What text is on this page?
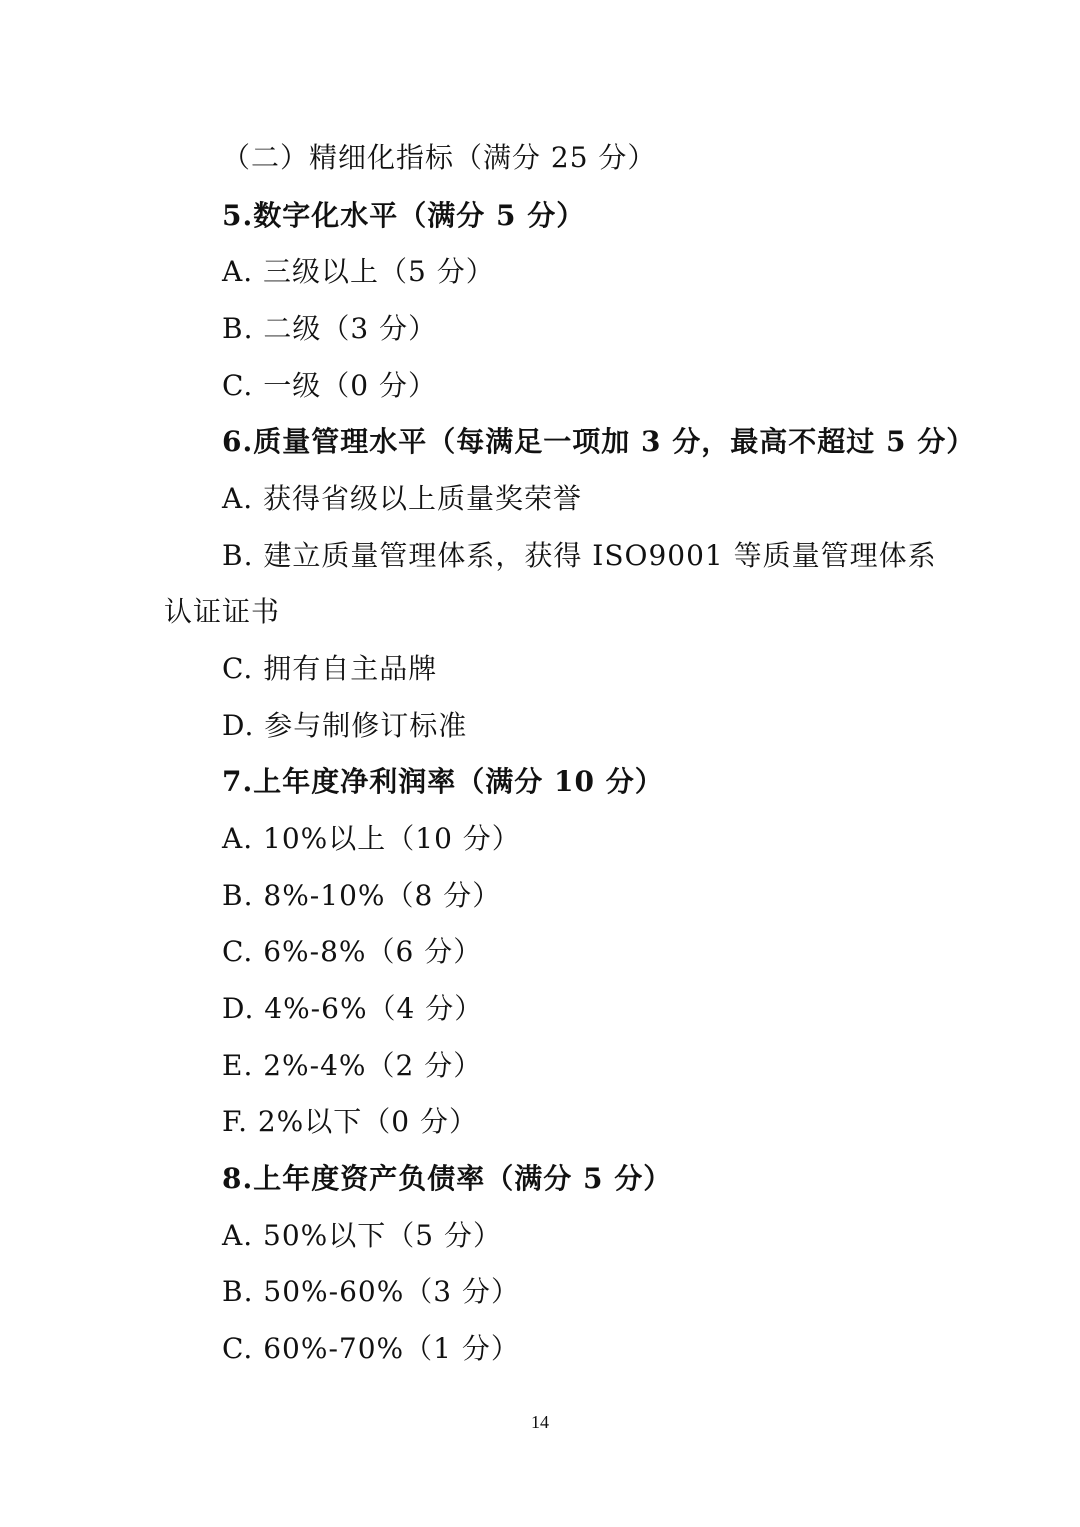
（二）精细化指标（满分 25 分）
5.数字化水平（满分 5 分）
A. 三级以上（5 分）
B. 二级（3 分）
C. 一级（0 分）
6.质量管理水平（每满足一项加 3 分，最高不超过 5 分）
A. 获得省级以上质量奖荣誉
B. 建立质量管理体系，获得 ISO9001 等质量管理体系
认证证书
C. 拥有自主品牌
D. 参与制修订标准
7.上年度净利润率（满分 10 分）
A. 10%以上（10 分）
B. 8%-10%（8 分）
C. 6%-8%（6 分）
D. 4%-6%（4 分）
E. 2%-4%（2 分）
F. 2%以下（0 分）
8.上年度资产负债率（满分 5 分）
A. 50%以下（5 分）
B. 50%-60%（3 分）
C. 60%-70%（1 分）
14
